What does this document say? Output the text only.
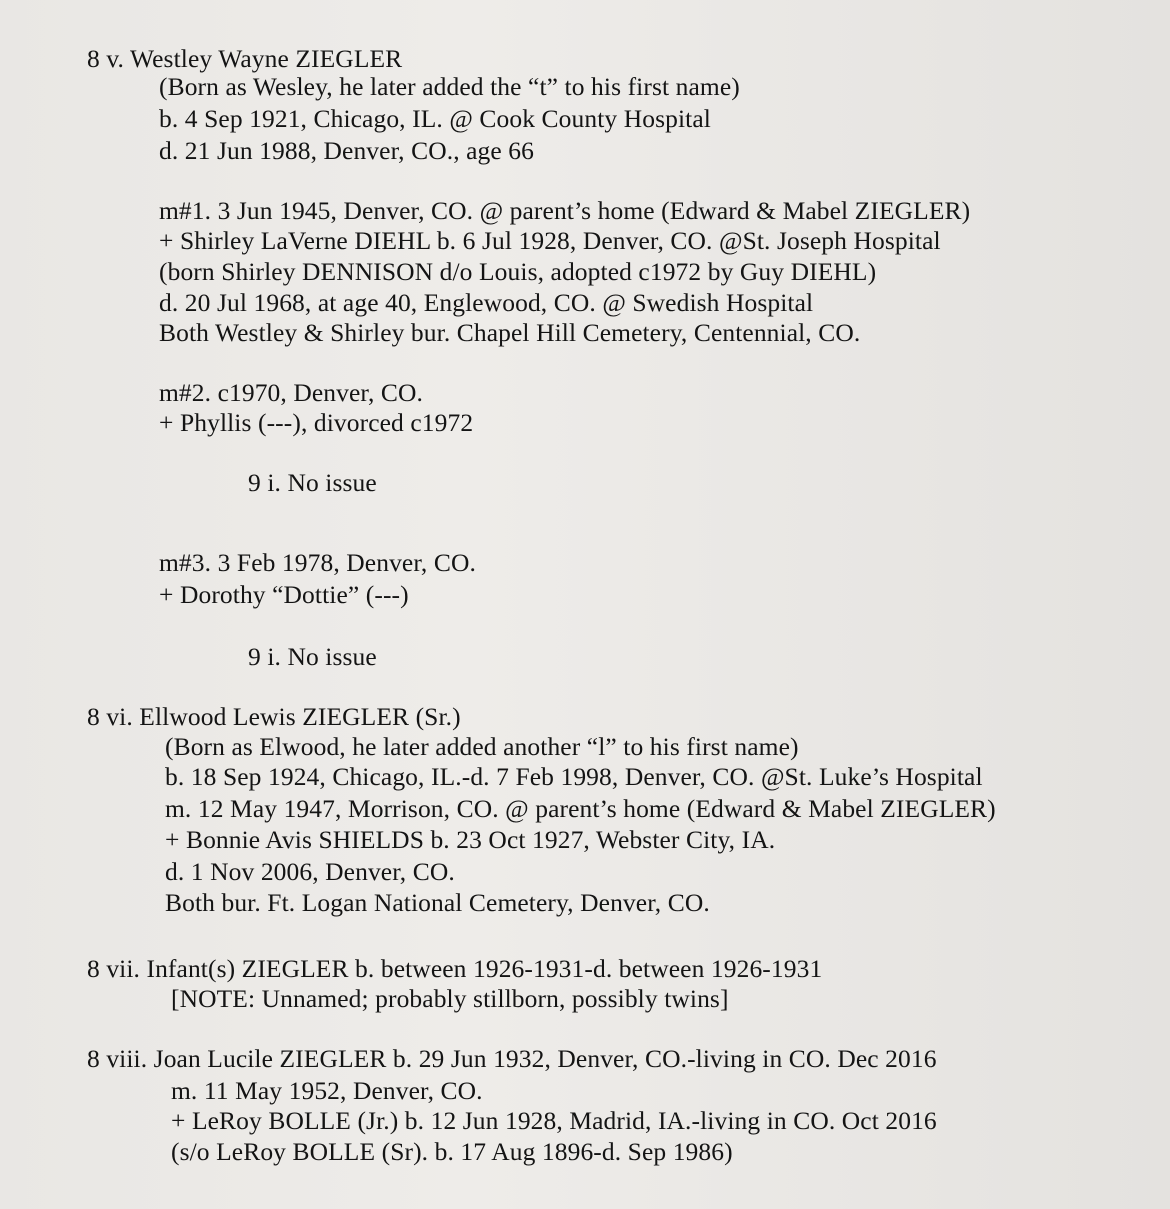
8 v. Westley Wayne ZIEGLER
(Born as Wesley, he later added the “t” to his first name)
b. 4 Sep 1921, Chicago, IL. @ Cook County Hospital
d. 21 Jun 1988, Denver, CO., age 66
m#1. 3 Jun 1945, Denver, CO. @ parent’s home (Edward & Mabel ZIEGLER)
+ Shirley LaVerne DIEHL b. 6 Jul 1928, Denver, CO. @St. Joseph Hospital
(born Shirley DENNISON d/o Louis, adopted c1972 by Guy DIEHL)
d. 20 Jul 1968, at age 40, Englewood, CO. @ Swedish Hospital
Both Westley & Shirley bur. Chapel Hill Cemetery, Centennial, CO.
m#2. c1970, Denver, CO.
+ Phyllis (---), divorced c1972
9 i. No issue
m#3. 3 Feb 1978, Denver, CO.
+ Dorothy “Dottie” (---)
9 i. No issue
8 vi. Ellwood Lewis ZIEGLER (Sr.)
(Born as Elwood, he later added another “l” to his first name)
b. 18 Sep 1924, Chicago, IL.-d. 7 Feb 1998, Denver, CO. @St. Luke’s Hospital
m. 12 May 1947, Morrison, CO. @ parent’s home (Edward & Mabel ZIEGLER)
+ Bonnie Avis SHIELDS b. 23 Oct 1927, Webster City, IA.
d. 1 Nov 2006, Denver, CO.
Both bur. Ft. Logan National Cemetery, Denver, CO.
8 vii. Infant(s) ZIEGLER b. between 1926-1931-d. between 1926-1931
[NOTE: Unnamed; probably stillborn, possibly twins]
8 viii. Joan Lucile ZIEGLER b. 29 Jun 1932, Denver, CO.-living in CO. Dec 2016
m. 11 May 1952, Denver, CO.
+ LeRoy BOLLE (Jr.) b. 12 Jun 1928, Madrid, IA.-living in CO. Oct 2016
(s/o LeRoy BOLLE (Sr). b. 17 Aug 1896-d. Sep 1986)
